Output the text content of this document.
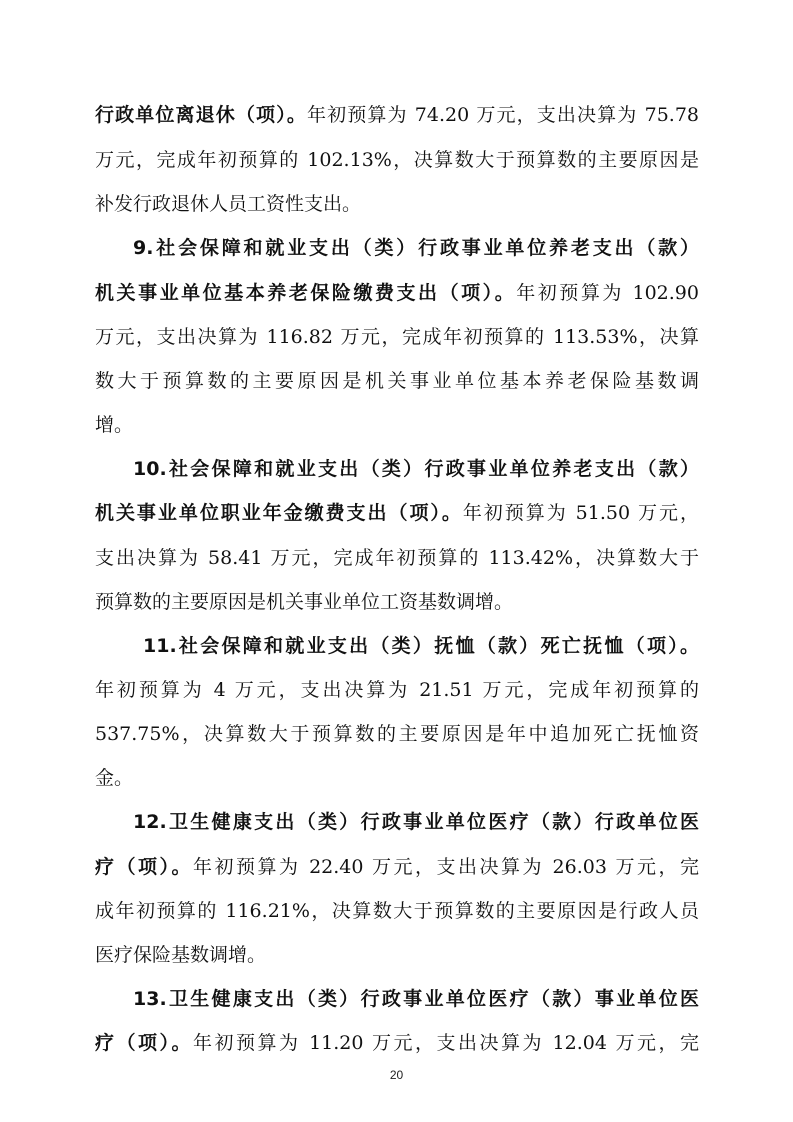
行政单位离退休（项）。年初预算为 74.20 万元，支出决算为 75.78
万元，完成年初预算的 102.13%，决算数大于预算数的主要原因是
补发行政退休人员工资性支出。
9.社会保障和就业支出（类）行政事业单位养老支出（款）
机关事业单位基本养老保险缴费支出（项）。年初预算为 102.90
万元，支出决算为 116.82 万元，完成年初预算的 113.53%，决算
数大于预算数的主要原因是机关事业单位基本养老保险基数调
增。
10.社会保障和就业支出（类）行政事业单位养老支出（款）
机关事业单位职业年金缴费支出（项）。年初预算为 51.50 万元，
支出决算为 58.41 万元，完成年初预算的 113.42%，决算数大于
预算数的主要原因是机关事业单位工资基数调增。
11.社会保障和就业支出（类）抚恤（款）死亡抚恤（项）。
年初预算为 4 万元，支出决算为 21.51 万元，完成年初预算的
537.75%，决算数大于预算数的主要原因是年中追加死亡抚恤资
金。
12.卫生健康支出（类）行政事业单位医疗（款）行政单位医
疗（项）。年初预算为 22.40 万元，支出决算为 26.03 万元，完
成年初预算的 116.21%，决算数大于预算数的主要原因是行政人员
医疗保险基数调增。
13.卫生健康支出（类）行政事业单位医疗（款）事业单位医
疗（项）。年初预算为 11.20 万元，支出决算为 12.04 万元，完
20
